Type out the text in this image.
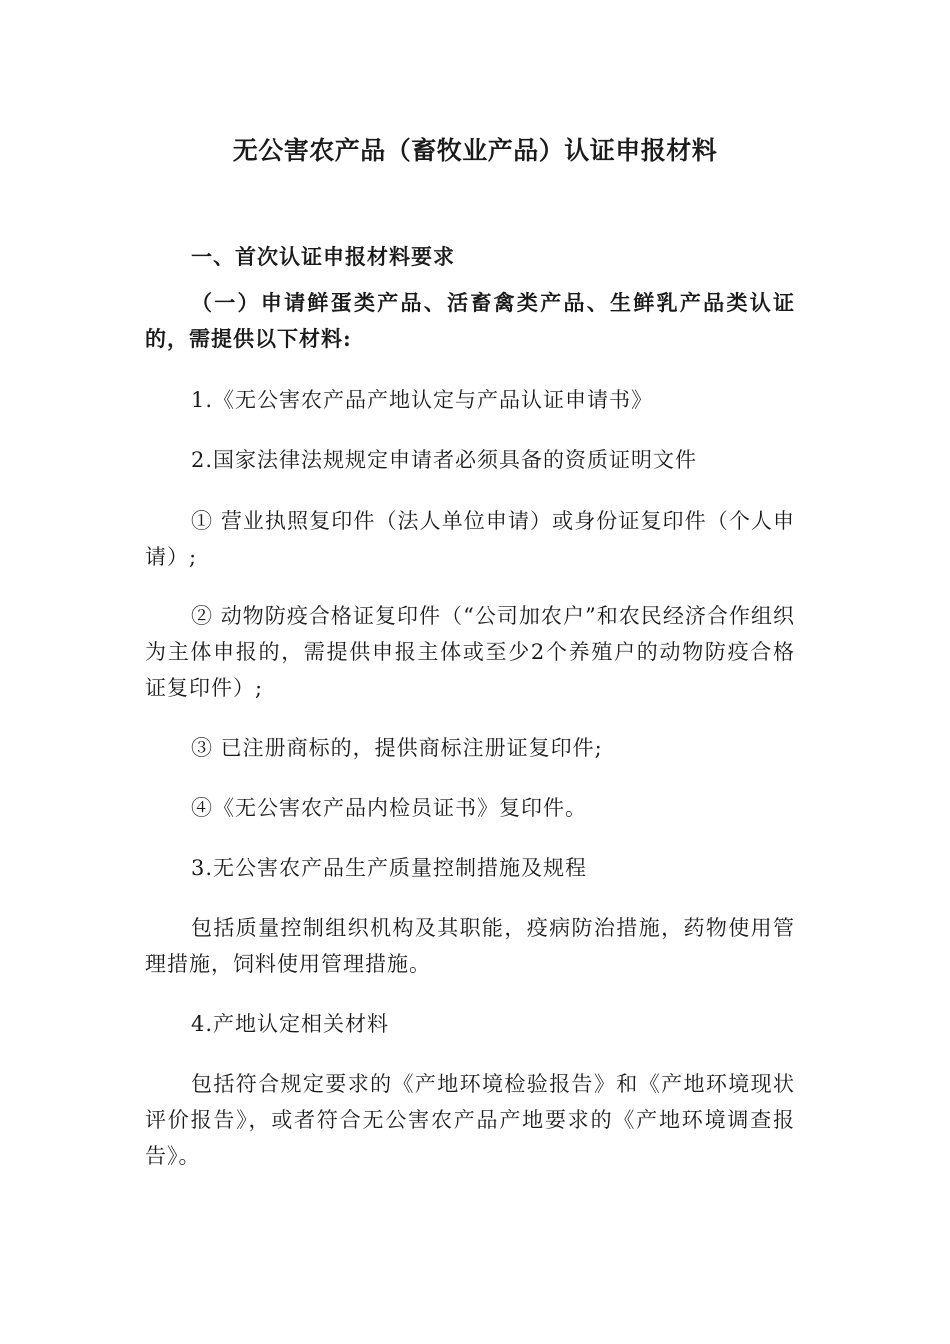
无公害农产品（畜牧业产品）认证申报材料

一、首次认证申报材料要求

（一）申请鲜蛋类产品、活畜禽类产品、生鲜乳产品类认证的，需提供以下材料:

1.《无公害农产品产地认定与产品认证申请书》

2.国家法律法规规定申请者必须具备的资质证明文件

① 营业执照复印件（法人单位申请）或身份证复印件（个人申请）;

② 动物防疫合格证复印件（“公司加农户”和农民经济合作组织为主体申报的，需提供申报主体或至少2个养殖户的动物防疫合格证复印件）;

③ 已注册商标的，提供商标注册证复印件;

④《无公害农产品内检员证书》复印件。

3.无公害农产品生产质量控制措施及规程

包括质量控制组织机构及其职能，疫病防治措施，药物使用管理措施，饲料使用管理措施。

4.产地认定相关材料

包括符合规定要求的《产地环境检验报告》和《产地环境现状评价报告》，或者符合无公害农产品产地要求的《产地环境调查报告》。
